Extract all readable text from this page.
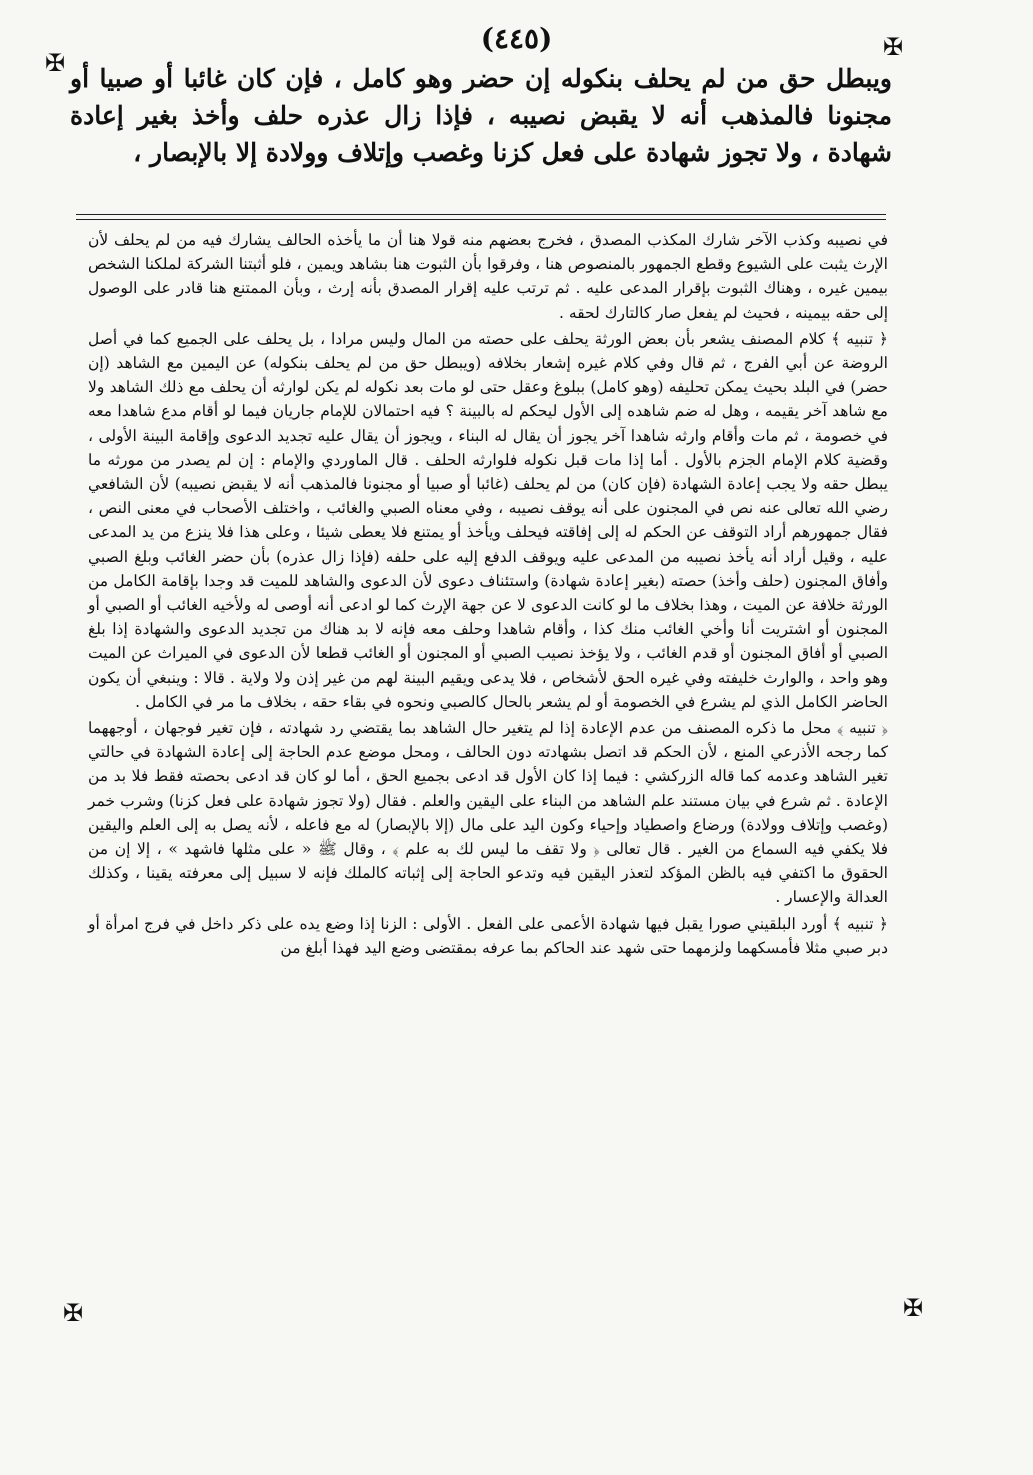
(٤٤٥)
✠
✠
✠	✠

ويبطل حق من لم يحلف بنكوله إن حضر وهو كامل ، فإن كان غائبا أو صبيا أو مجنونا فالمذهب أنه لا يقبض نصيبه ، فإذا زال عذره حلف وأخذ بغير إعادة شهادة ، ولا تجوز شهادة على فعل كزنا وغصب وإتلاف وولادة إلا بالإبصار ،

في نصيبه وكذب الآخر شارك المكذب المصدق ، فخرج بعضهم منه قولا هنا أن ما يأخذه الحالف يشارك فيه من لم يحلف لأن الإرث يثبت على الشيوع وقطع الجمهور بالمنصوص هنا ، وفرقوا بأن الثبوت هنا بشاهد ويمين ، فلو أثبتنا الشركة لملكنا الشخص بيمين غيره ، وهناك الثبوت بإقرار المدعى عليه . ثم ترتب عليه إقرار المصدق بأنه إرث ، وبأن الممتنع هنا قادر على الوصول إلى حقه بيمينه ، فحيث لم يفعل صار كالتارك لحقه .

﴿ تنبيه ﴾ كلام المصنف يشعر بأن بعض الورثة يحلف على حصته من المال وليس مرادا ، بل يحلف على الجميع كما في أصل الروضة عن أبي الفرج ، ثم قال وفي كلام غيره إشعار بخلافه (ويبطل حق من لم يحلف بنكوله) عن اليمين مع الشاهد (إن حضر) في البلد بحيث يمكن تحليفه (وهو كامل) ببلوغ وعقل حتى لو مات بعد نكوله لم يكن لوارثه أن يحلف مع ذلك الشاهد ولا مع شاهد آخر يقيمه ، وهل له ضم شاهده إلى الأول ليحكم له بالبينة ؟ فيه احتمالان للإمام جاريان فيما لو أقام مدع شاهدا معه في خصومة ، ثم مات وأقام وارثه شاهدا آخر يجوز أن يقال له البناء ، ويجوز أن يقال عليه تجديد الدعوى وإقامة البينة الأولى ، وقضية كلام الإمام الجزم بالأول . أما إذا مات قبل نكوله فلوارثه الحلف . قال الماوردي والإمام : إن لم يصدر من مورثه ما يبطل حقه ولا يجب إعادة الشهادة (فإن كان) من لم يحلف (غائبا أو صبيا أو مجنونا فالمذهب أنه لا يقبض نصيبه) لأن الشافعي رضي الله تعالى عنه نص في المجنون على أنه يوقف نصيبه ، وفي معناه الصبي والغائب ، واختلف الأصحاب في معنى النص ، فقال جمهورهم أراد التوقف عن الحكم له إلى إفاقته فيحلف ويأخذ أو يمتنع فلا يعطى شيئا ، وعلى هذا فلا ينزع من يد المدعى عليه ، وقيل أراد أنه يأخذ نصيبه من المدعى عليه ويوقف الدفع إليه على حلفه (فإذا زال عذره) بأن حضر الغائب وبلغ الصبي وأفاق المجنون (حلف وأخذ) حصته (بغير إعادة شهادة) واستئناف دعوى لأن الدعوى والشاهد للميت قد وجدا بإقامة الكامل من الورثة خلافة عن الميت ، وهذا بخلاف ما لو كانت الدعوى لا عن جهة الإرث كما لو ادعى أنه أوصى له ولأخيه الغائب أو الصبي أو المجنون أو اشتريت أنا وأخي الغائب منك كذا ، وأقام شاهدا وحلف معه فإنه لا بد هناك من تجديد الدعوى والشهادة إذا بلغ الصبي أو أفاق المجنون أو قدم الغائب ، ولا يؤخذ نصيب الصبي أو المجنون أو الغائب قطعا لأن الدعوى في الميراث عن الميت وهو واحد ، والوارث خليفته وفي غيره الحق لأشخاص ، فلا يدعى ويقيم البينة لهم من غير إذن ولا ولاية . قالا : وينبغي أن يكون الحاضر الكامل الذي لم يشرع في الخصومة أو لم يشعر بالحال كالصبي ونحوه في بقاء حقه ، بخلاف ما مر في الكامل .

﴿ تنبيه ﴾ محل ما ذكره المصنف من عدم الإعادة إذا لم يتغير حال الشاهد بما يقتضي رد شهادته ، فإن تغير فوجهان ، أوجههما كما رجحه الأذرعي المنع ، لأن الحكم قد اتصل بشهادته دون الحالف ، ومحل موضع عدم الحاجة إلى إعادة الشهادة في حالتي تغير الشاهد وعدمه كما قاله الزركشي : فيما إذا كان الأول قد ادعى بجميع الحق ، أما لو كان قد ادعى بحصته فقط فلا بد من الإعادة . ثم شرع في بيان مستند علم الشاهد من البناء على اليقين والعلم . فقال (ولا تجوز شهادة على فعل كزنا) وشرب خمر (وغصب وإتلاف وولادة) ورضاع واصطياد وإحياء وكون اليد على مال (إلا بالإبصار) له مع فاعله ، لأنه يصل به إلى العلم واليقين فلا يكفي فيه السماع من الغير . قال تعالى ﴿ ولا تقف ما ليس لك به علم ﴾ ، وقال ﷺ « على مثلها فاشهد » ، إلا إن من الحقوق ما اكتفي فيه بالظن المؤكد لتعذر اليقين فيه وتدعو الحاجة إلى إثباته كالملك فإنه لا سبيل إلى معرفته يقينا ، وكذلك العدالة والإعسار .

﴿ تنبيه ﴾ أورد البلقيني صورا يقبل فيها شهادة الأعمى على الفعل . الأولى : الزنا إذا وضع يده على ذكر داخل في فرج امرأة أو دبر صبي مثلا فأمسكهما ولزمهما حتى شهد عند الحاكم بما عرفه بمقتضى وضع اليد فهذا أبلغ من
